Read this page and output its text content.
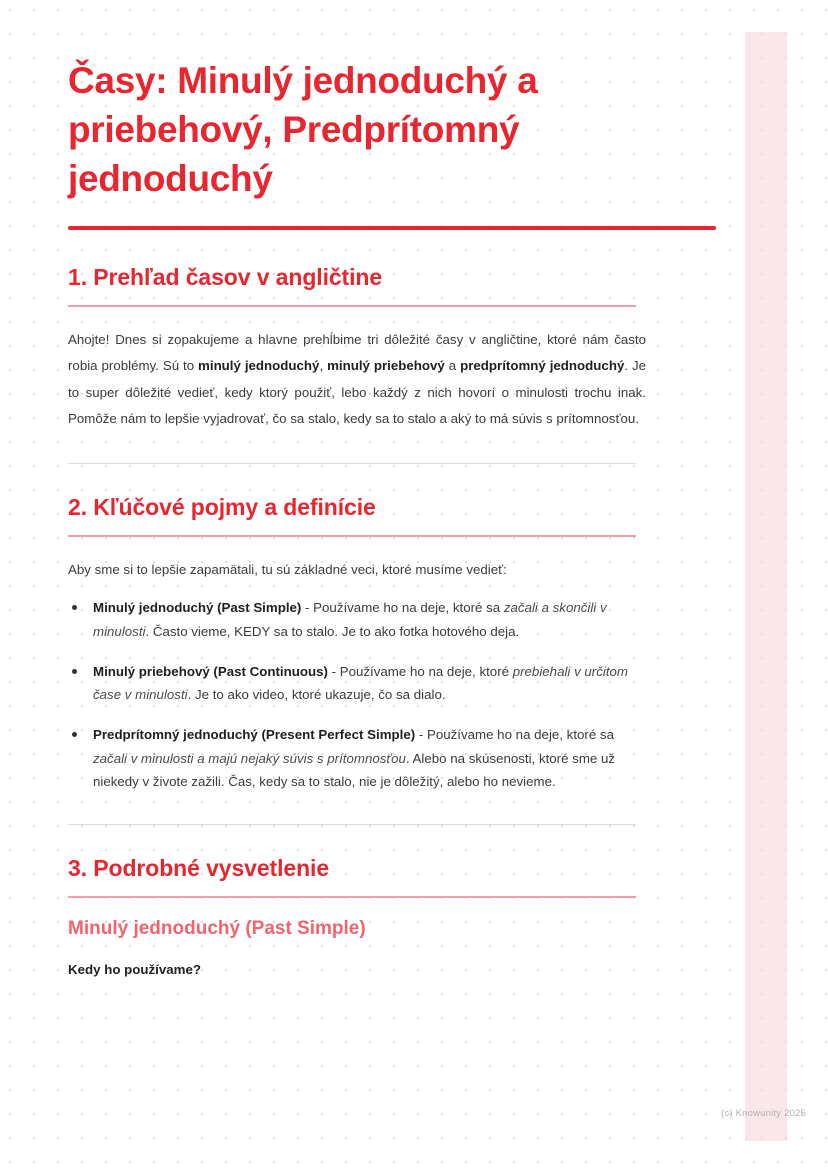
Časy: Minulý jednoduchý a priebehový, Predprítomný jednoduchý
1. Prehľad časov v angličtine

Ahojte! Dnes si zopakujeme a hlavne prehĺbime tri dôležité časy v angličtine, ktoré nám často robia problémy. Sú to minulý jednoduchý, minulý priebehový a predprítomný jednoduchý. Je to super dôležité vedieť, kedy ktorý použiť, lebo každý z nich hovorí o minulosti trochu inak. Pomôže nám to lepšie vyjadrovať, čo sa stalo, kedy sa to stalo a aký to má súvis s prítomnosťou.

2. Kľúčové pojmy a definície

Aby sme si to lepšie zapamätali, tu sú základné veci, ktoré musíme vedieť:

Minulý jednoduchý (Past Simple) - Používame ho na deje, ktoré sa začali a skončili v minulosti. Často vieme, KEDY sa to stalo. Je to ako fotka hotového deja.
Minulý priebehový (Past Continuous) - Používame ho na deje, ktoré prebiehali v určitom čase v minulosti. Je to ako video, ktoré ukazuje, čo sa dialo.
Predprítomný jednoduchý (Present Perfect Simple) - Používame ho na deje, ktoré sa začali v minulosti a majú nejaký súvis s prítomnosťou. Alebo na skúsenosti, ktoré sme už niekedy v živote zažili. Čas, kedy sa to stalo, nie je dôležitý, alebo ho nevieme.
3. Podrobné vysvetlenie
Minulý jednoduchý (Past Simple)
Kedy ho používame?
(c) Knowunity 2025
